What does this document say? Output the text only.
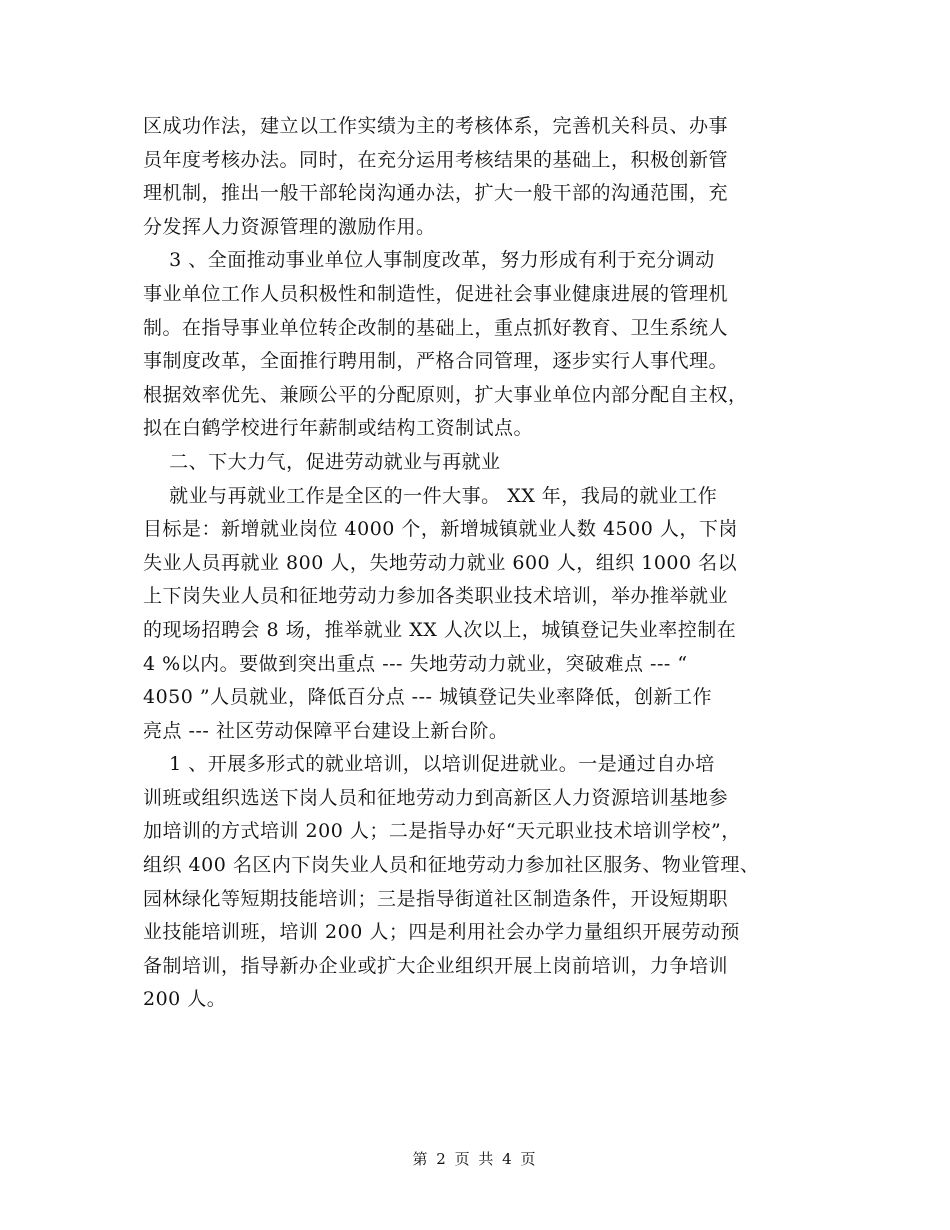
区成功作法，建立以工作实绩为主的考核体系，完善机关科员、办事
员年度考核办法。同时，在充分运用考核结果的基础上，积极创新管
理机制，推出一般干部轮岗沟通办法，扩大一般干部的沟通范围，充
分发挥人力资源管理的激励作用。
3 、全面推动事业单位人事制度改革，努力形成有利于充分调动
事业单位工作人员积极性和制造性，促进社会事业健康进展的管理机
制。在指导事业单位转企改制的基础上，重点抓好教育、卫生系统人
事制度改革，全面推行聘用制，严格合同管理，逐步实行人事代理。
根据效率优先、兼顾公平的分配原则，扩大事业单位内部分配自主权，
拟在白鹤学校进行年薪制或结构工资制试点。
二、下大力气，促进劳动就业与再就业
就业与再就业工作是全区的一件大事。 XX 年，我局的就业工作
目标是：新增就业岗位 4000 个，新增城镇就业人数 4500 人，下岗
失业人员再就业 800 人，失地劳动力就业 600 人，组织 1000 名以
上下岗失业人员和征地劳动力参加各类职业技术培训，举办推举就业
的现场招聘会 8 场，推举就业 XX 人次以上，城镇登记失业率控制在
4 %以内。要做到突出重点 --- 失地劳动力就业，突破难点 --- “
4050 ”人员就业，降低百分点 --- 城镇登记失业率降低，创新工作
亮点 --- 社区劳动保障平台建设上新台阶。
1 、开展多形式的就业培训，以培训促进就业。一是通过自办培
训班或组织选送下岗人员和征地劳动力到高新区人力资源培训基地参
加培训的方式培训 200 人；二是指导办好“天元职业技术培训学校”，
组织 400 名区内下岗失业人员和征地劳动力参加社区服务、物业管理、
园林绿化等短期技能培训；三是指导街道社区制造条件，开设短期职
业技能培训班，培训 200 人；四是利用社会办学力量组织开展劳动预
备制培训，指导新办企业或扩大企业组织开展上岗前培训，力争培训
200 人。
第 2 页 共 4 页
